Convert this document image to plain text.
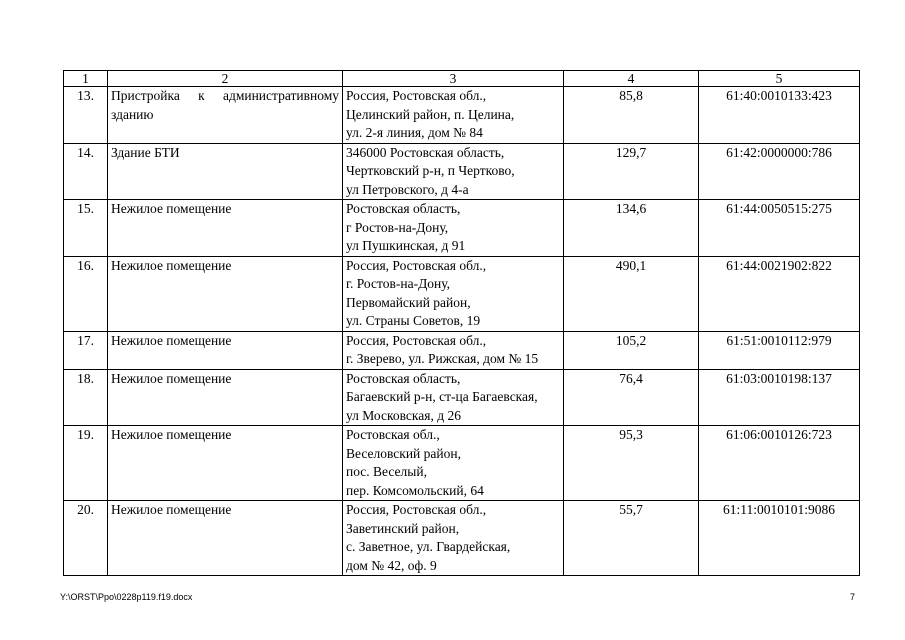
1	2	3	4	5
13.	Пристройка к административному зданию	Россия, Ростовская обл.,
Целинский район, п. Целина,
ул. 2-я линия, дом № 84	85,8	61:40:0010133:423
14.	Здание БТИ	346000 Ростовская область,
Чертковский р-н, п Чертково,
ул Петровского, д 4-а	129,7	61:42:0000000:786
15.	Нежилое помещение	Ростовская область,
г Ростов-на-Дону,
ул Пушкинская, д 91	134,6	61:44:0050515:275
16.	Нежилое помещение	Россия, Ростовская обл.,
г. Ростов-на-Дону,
Первомайский район,
ул. Страны Советов, 19	490,1	61:44:0021902:822
17.	Нежилое помещение	Россия, Ростовская обл.,
г. Зверево, ул. Рижская, дом № 15	105,2	61:51:0010112:979
18.	Нежилое помещение	Ростовская область,
Багаевский р-н, ст-ца Багаевская,
ул Московская, д 26	76,4	61:03:0010198:137
19.	Нежилое помещение	Ростовская обл.,
Веселовский район,
пос. Веселый,
пер. Комсомольский, 64	95,3	61:06:0010126:723
20.	Нежилое помещение	Россия, Ростовская обл.,
Заветинский район,
с. Заветное, ул. Гвардейская,
дом № 42, оф. 9	55,7	61:11:0010101:9086
Y:\ORST\Ppo\0228p119.f19.docx	7
